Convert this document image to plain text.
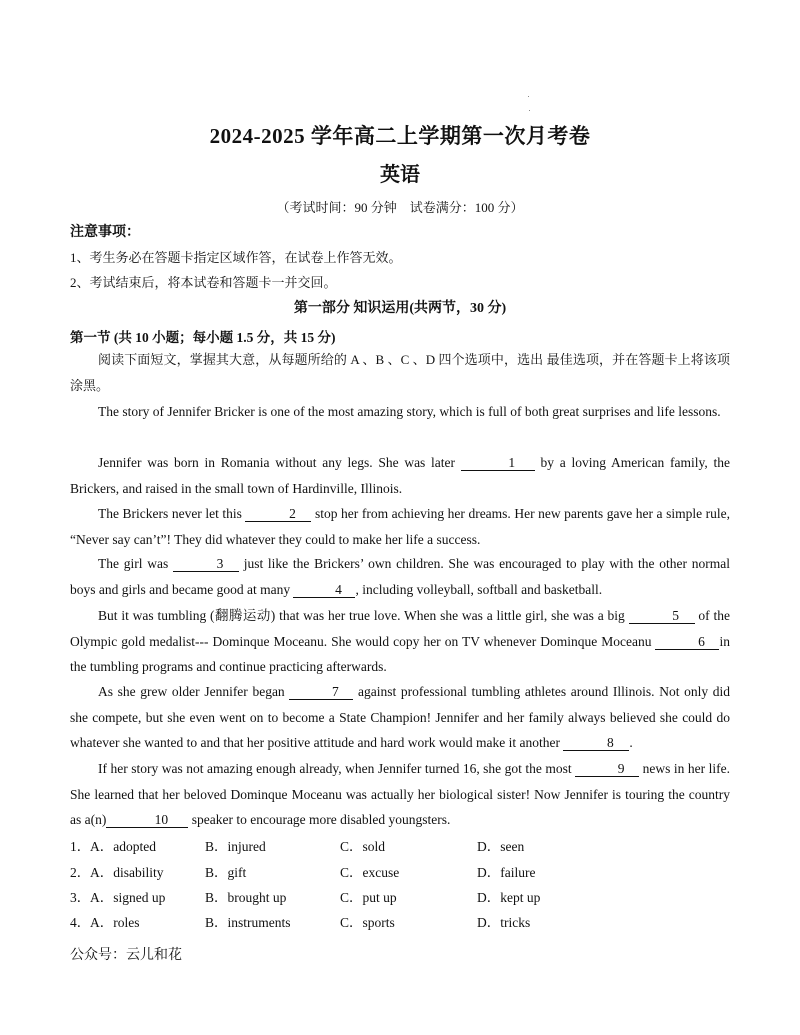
2024-2025 学年高二上学期第一次月考卷
英语
（考试时间：90 分钟　试卷满分：100 分）
注意事项：
1、考生务必在答题卡指定区域作答，在试卷上作答无效。
2、考试结束后，将本试卷和答题卡一并交回。
第一部分 知识运用(共两节，30 分)
第一节 (共 10 小题；每小题 1.5 分，共 15 分)

阅读下面短文，掌握其大意，从每题所给的 A 、B 、C 、D 四个选项中，选出 最佳选项，并在答题卡上将该项涂黑。

The story of Jennifer Bricker is one of the most amazing story, which is full of both great surprises and life lessons.

Jennifer was born in Romania without any legs. She was later	1 by a loving American family, the Brickers, and raised in the small town of Hardinville, Illinois.

The Brickers never let this	2 stop her from achieving her dreams. Her new parents gave her a simple rule, “Never say can’t”! They did whatever they could to make her life a success.

The girl was	3 just like the Brickers’ own children. She was encouraged to play with the other normal boys and girls and became good at many	4 , including volleyball, softball and basketball.

But it was tumbling (翻腾运动) that was her true love. When she was a little girl, she was a big	5 of the Olympic gold medalist--- Dominque Moceanu. She would copy her on TV whenever Dominque Moceanu	6 in the tumbling programs and continue practicing afterwards.

As she grew older Jennifer began	7 against professional tumbling athletes around Illinois. Not only did she compete, but she even went on to become a State Champion! Jennifer and her family always believed she could do whatever she wanted to and that her positive attitude and hard work would make it another	8 .

If her story was not amazing enough already, when Jennifer turned 16, she got the most	9 news in her life. She learned that her beloved Dominque Moceanu was actually her biological sister! Now Jennifer is touring the country as a(n)	10 speaker to encourage more disabled youngsters.

1． A．adopted	B．injured	C．sold	D．seen
2． A．disability	B．gift	C．excuse	D．failure
3． A．signed up	B．brought up	C．put up	D．kept up
4． A．roles	B．instruments	C．sports	D．tricks
公众号：云儿和花
